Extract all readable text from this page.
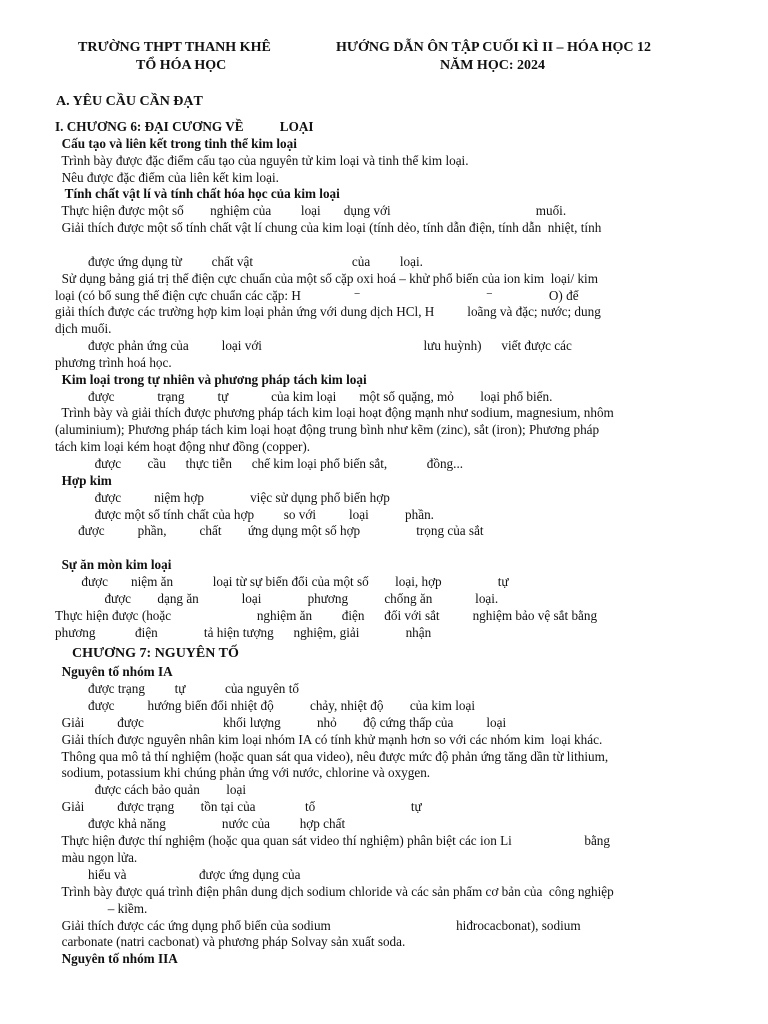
TRƯỜNG THPT THANH KHÊ
TỔ HÓA HỌC
HƯỚNG DẪN ÔN TẬP CUỐI KÌ II – HÓA HỌC 12
NĂM HỌC: 2024
A. YÊU CẦU CẦN ĐẠT
I. CHƯƠNG 6: ĐẠI CƯƠNG VỀ           LOẠI
Cấu tạo và liên kết trong tinh thể kim loại
Trình bày được đặc điểm cấu tạo của nguyên tử kim loại và tinh thể kim loại.
Nêu được đặc điểm của liên kết kim loại.
Tính chất vật lí và tính chất hóa học của kim loại
Thực hiện được một số        nghiệm của         loại       dụng với                                            muối.
Giải thích được một số tính chất vật lí chung của kim loại (tính dẻo, tính dẫn điện, tính dẫn  nhiệt, tính
được ứng dụng từ         chất vật                              của         loại.
Sử dụng bảng giá trị thế điện cực chuẩn của một số cặp oxi hoá – khử phổ biến của ion kim  loại/ kim
loại (có bổ sung thế điện cực chuẩn các cặp: H                ⁻                                      ⁻                 O) để
giải thích được các trường hợp kim loại phản ứng với dung dịch HCl, H          loãng và đặc; nước; dung
dịch muối.
được phản ứng của          loại với                                                 lưu huỳnh)      viết được các
phương trình hoá học.
Kim loại trong tự nhiên và phương pháp tách kim loại
được             trạng          tự             của kim loại       một số quặng, mỏ        loại phổ biến.
Trình bày và giải thích được phương pháp tách kim loại hoạt động mạnh như sodium, magnesium, nhôm
(aluminium); Phương pháp tách kim loại hoạt động trung bình như kẽm (zinc), sắt (iron); Phương pháp
tách kim loại kém hoạt động như đồng (copper).
được        cầu      thực tiễn      chế kim loại phổ biến sắt,            đồng...
Hợp kim
được          niệm hợp              việc sử dụng phổ biến hợp
được một số tính chất của hợp         so với          loại           phần.
được          phần,          chất        ứng dụng một số hợp                 trọng của sắt
Sự ăn mòn kim loại
được       niệm ăn            loại từ sự biến đổi của một số        loại, hợp                 tự
được        dạng ăn             loại              phương           chống ăn             loại.
Thực hiện được (hoặc                          nghiệm ăn         điện      đối với sắt          nghiệm bảo vệ sắt bằng
phương            điện              tả hiện tượng      nghiệm, giải              nhận
CHƯƠNG 7: NGUYÊN TỐ
Nguyên tố nhóm IA
được trạng         tự            của nguyên tố
được          hướng biến đổi nhiệt độ           chảy, nhiệt độ        của kim loại
Giải          được                        khối lượng           nhỏ        độ cứng thấp của          loại
Giải thích được nguyên nhân kim loại nhóm IA có tính khử mạnh hơn so với các nhóm kim  loại khác.
Thông qua mô tả thí nghiệm (hoặc quan sát qua video), nêu được mức độ phản ứng tăng dần từ lithium,
sodium, potassium khi chúng phản ứng với nước, chlorine và oxygen.
được cách bảo quản        loại
Giải          được trạng        tồn tại của               tố                             tự
được khả năng                 nước của         hợp chất
Thực hiện được thí nghiệm (hoặc qua quan sát video thí nghiệm) phân biệt các ion Li                      bằng
màu ngọn lửa.
hiểu và                      được ứng dụng của
Trình bày được quá trình điện phân dung dịch sodium chloride và các sản phẩm cơ bản của  công nghiệp
– kiềm.
Giải thích được các ứng dụng phổ biến của sodium                                      hiđrocacbonat), sodium
carbonate (natri cacbonat) và phương pháp Solvay sản xuất soda.
Nguyên tố nhóm IIA
